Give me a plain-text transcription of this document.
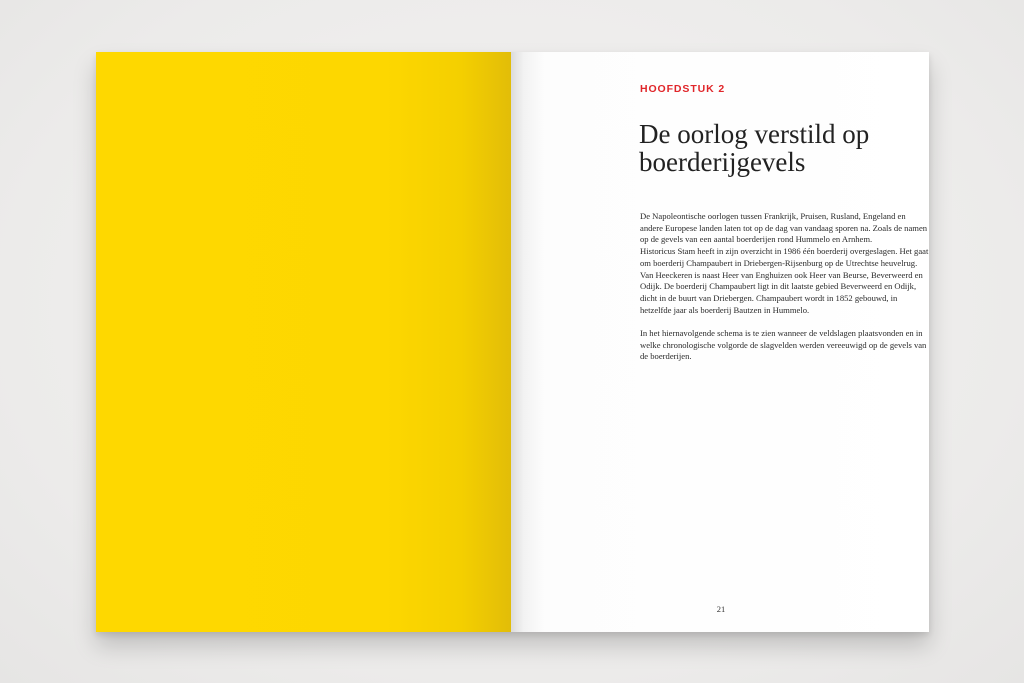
HOOFDSTUK 2
De oorlog verstild op
boerderijgevels

De Napoleontische oorlogen tussen Frankrijk, Pruisen, Rusland, Engeland en

andere Europese landen laten tot op de dag van vandaag sporen na. Zoals de namen

op de gevels van een aantal boerderijen rond Hummelo en Arnhem.

Historicus Stam heeft in zijn overzicht in 1986 één boerderij overgeslagen. Het gaat

om boerderij Champaubert in Driebergen-Rijsenburg op de Utrechtse heuvelrug.

Van Heeckeren is naast Heer van Enghuizen ook Heer van Beurse, Beverweerd en

Odijk. De boerderij Champaubert ligt in dit laatste gebied Beverweerd en Odijk,

dicht in de buurt van Driebergen. Champaubert wordt in 1852 gebouwd, in

hetzelfde jaar als boerderij Bautzen in Hummelo.

In het hiernavolgende schema is te zien wanneer de veldslagen plaatsvonden en in

welke chronologische volgorde de slagvelden werden vereeuwigd op de gevels van

de boerderijen.

21
